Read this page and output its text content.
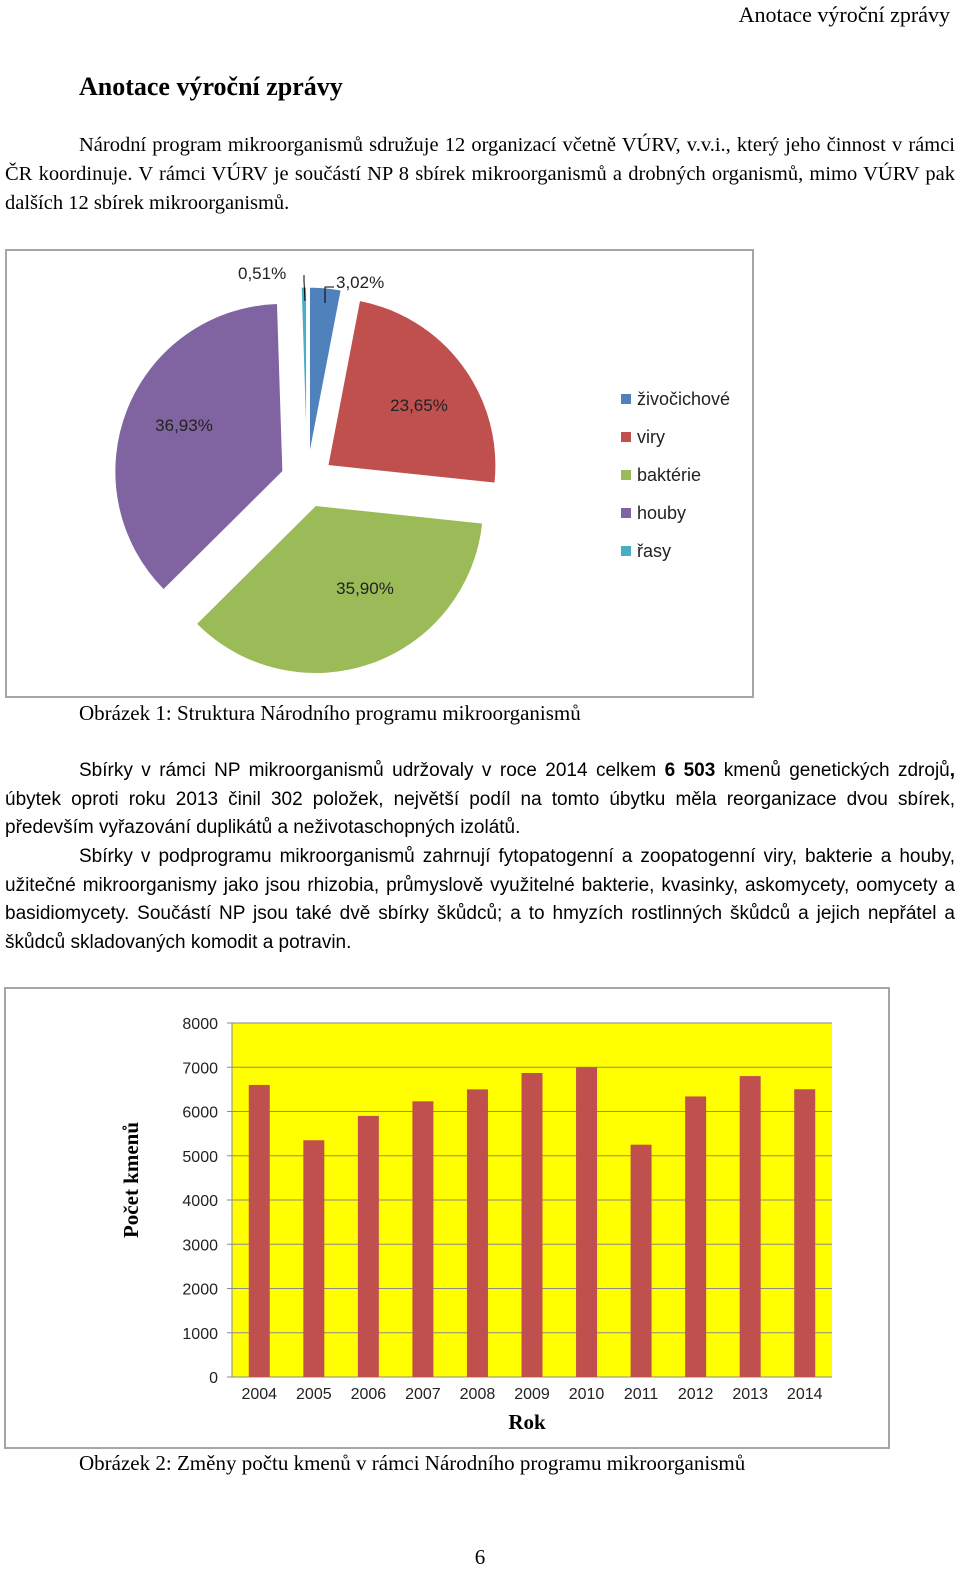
Anotace výroční zprávy
Anotace výroční zprávy

Národní program mikroorganismů sdružuje 12 organizací včetně VÚRV, v.v.i., který jeho činnost v rámci ČR koordinuje. V rámci VÚRV je součástí NP 8 sbírek mikroorganismů a drobných organismů, mimo VÚRV pak dalších 12 sbírek mikroorganismů.

23,65%
35,90%
36,93%
0,51%	3,02%
živočichové
viry
baktérie
houby
řasy
Obrázek 1: Struktura Národního programu mikroorganismů

Sbírky v rámci NP mikroorganismů udržovaly v roce 2014 celkem 6 503 kmenů genetických zdrojů, úbytek oproti roku 2013 činil 302 položek, největší podíl na tomto úbytku měla reorganizace dvou sbírek, především vyřazování duplikátů a neživotaschopných izolátů.

Sbírky v podprogramu mikroorganismů zahrnují fytopatogenní a zoopatogenní viry, bakterie a houby, užitečné mikroorganismy jako jsou rhizobia, průmyslově využitelné bakterie, kvasinky, askomycety, oomycety a basidiomycety. Součástí NP jsou také dvě sbírky škůdců; a to hmyzích rostlinných škůdců a jejich nepřátel a škůdců skladovaných komodit a potravin.

0
1000
2000
3000
4000
5000
6000
7000
8000
2004 2005 2006 2007 2008 2009 2010 2011 2012 2013 2014
Rok
Počet kmenů
Obrázek 2: Změny počtu kmenů v rámci Národního programu mikroorganismů
6
